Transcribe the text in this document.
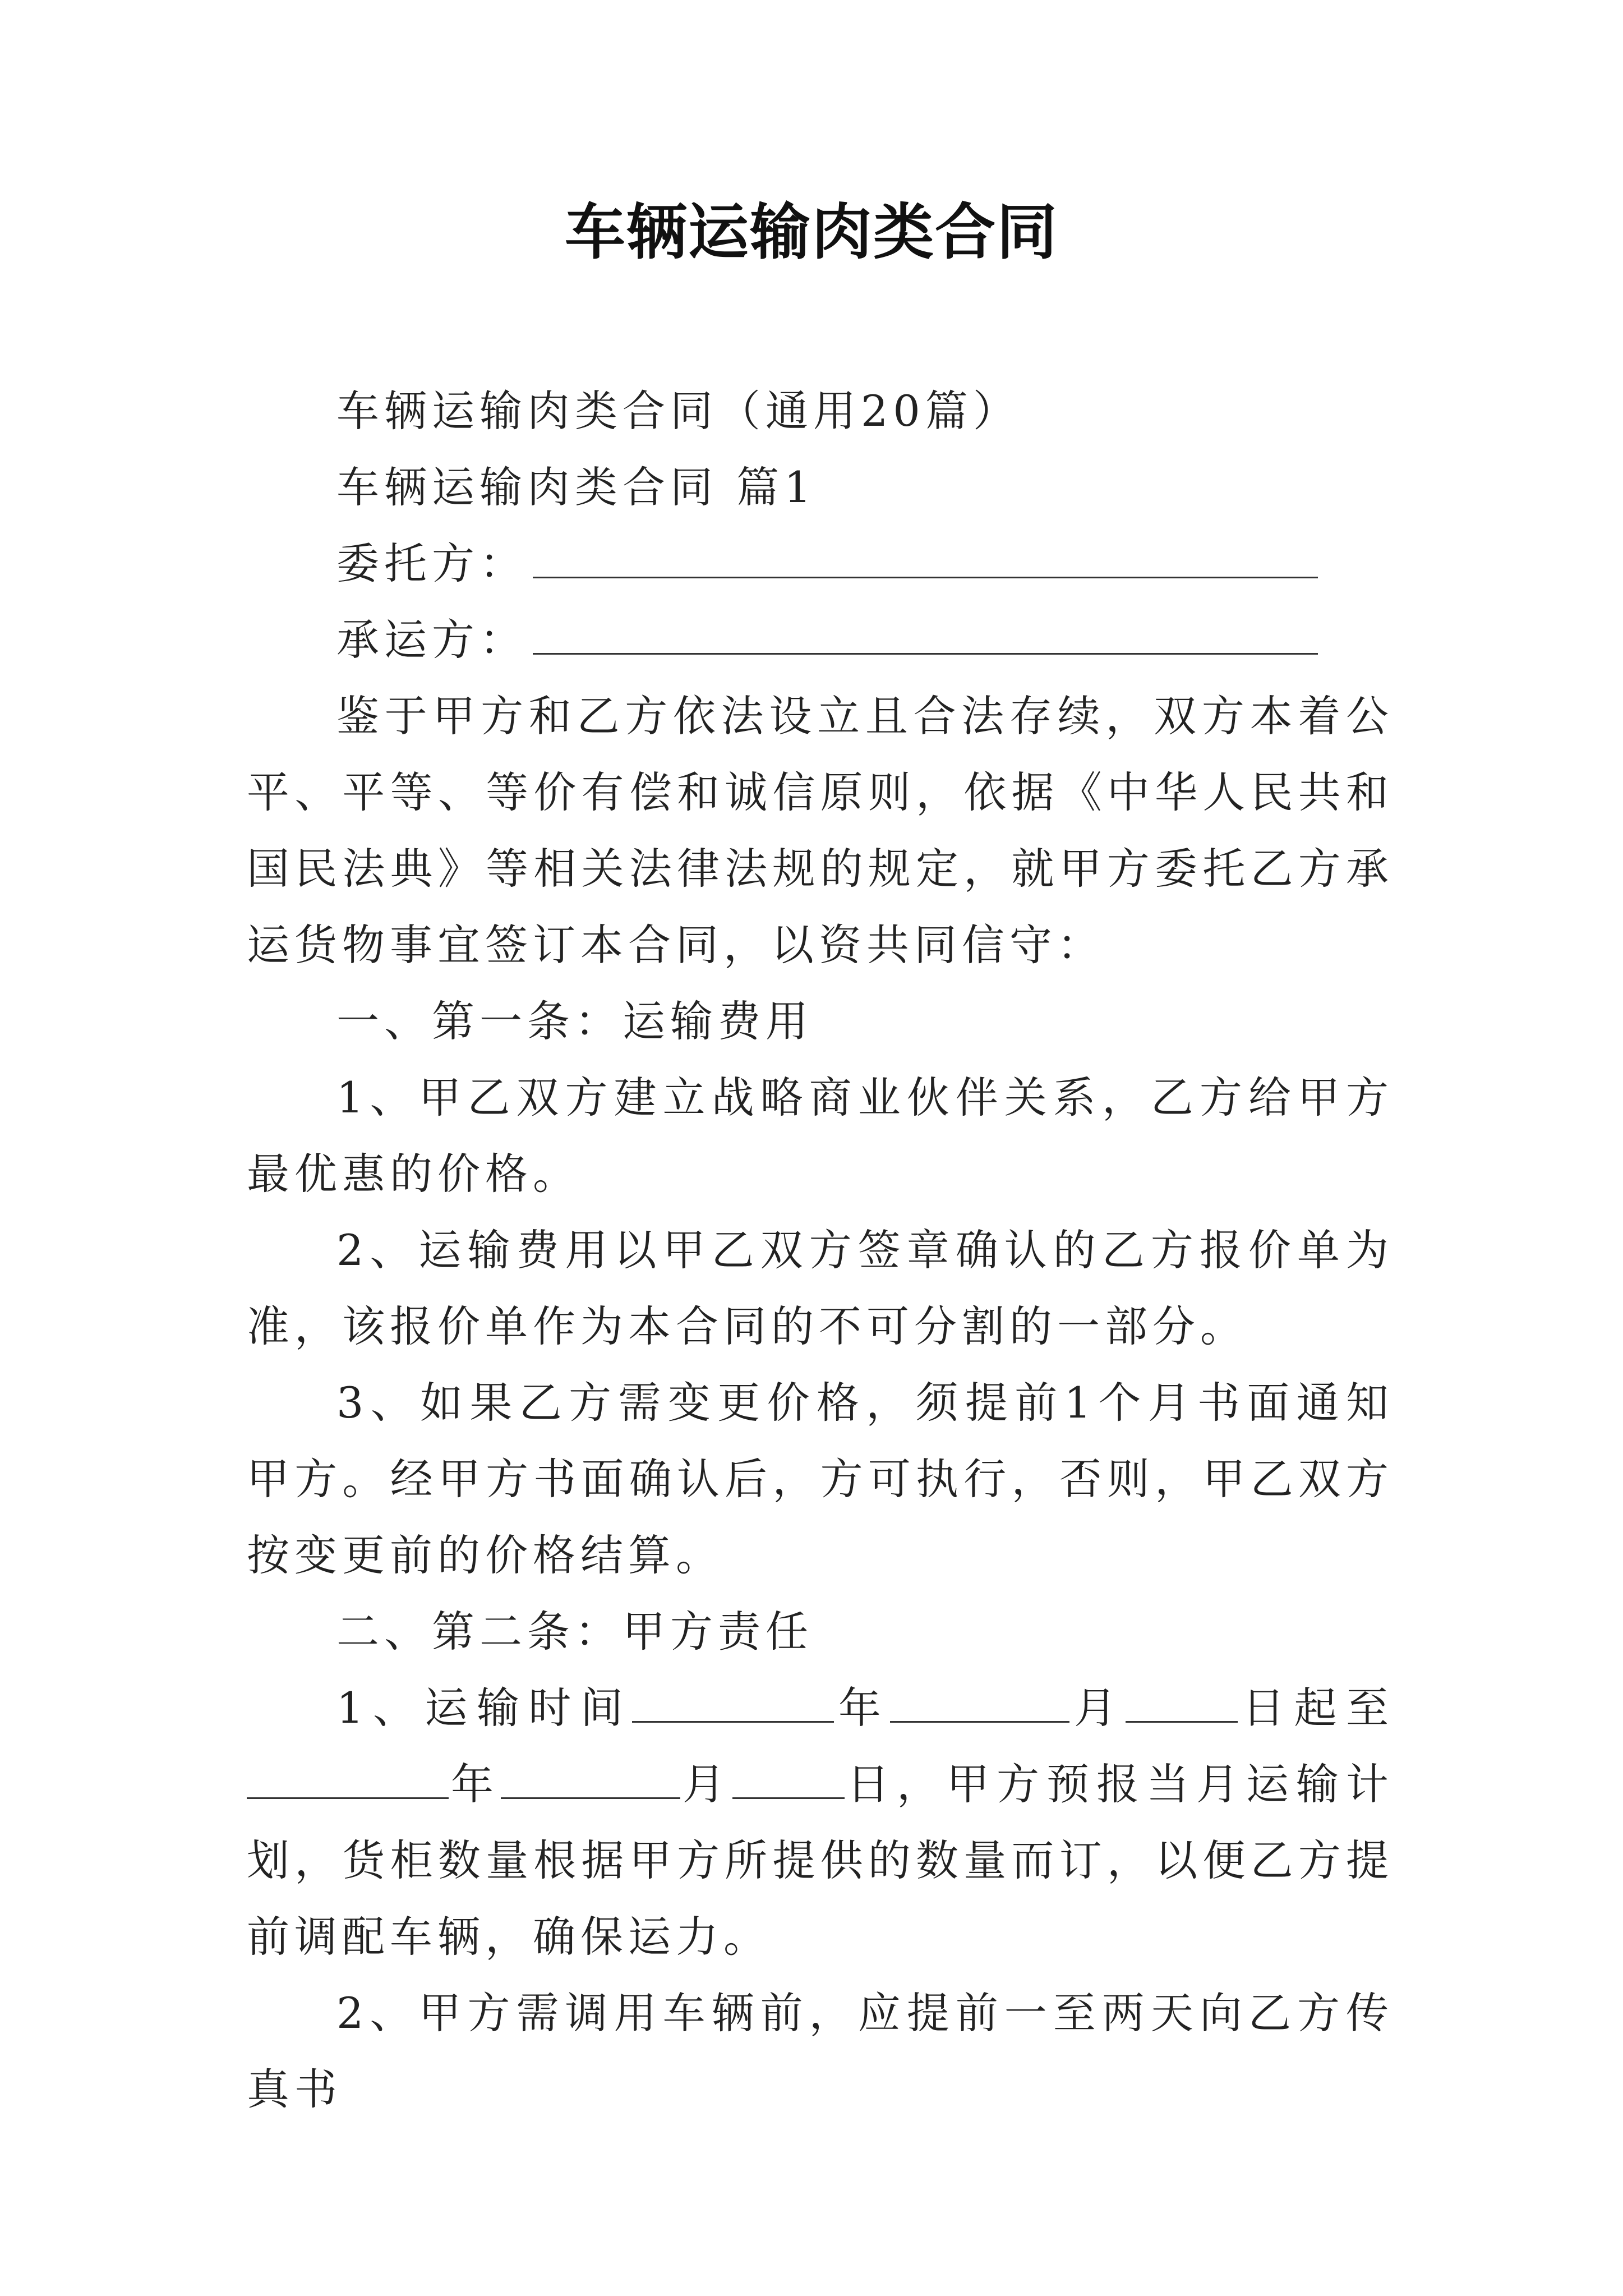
车辆运输肉类合同

车辆运输肉类合同（通用20篇）

车辆运输肉类合同 篇1

委托方：

承运方：

鉴于甲方和乙方依法设立且合法存续，双方本着公平、平等、等价有偿和诚信原则，依据《中华人民共和国民法典》等相关法律法规的规定，就甲方委托乙方承运货物事宜签订本合同，以资共同信守：

一、第一条：运输费用

1、甲乙双方建立战略商业伙伴关系，乙方给甲方最优惠的价格。

2、运输费用以甲乙双方签章确认的乙方报价单为准，该报价单作为本合同的不可分割的一部分。

3、如果乙方需变更价格，须提前1个月书面通知甲方。经甲方书面确认后，方可执行，否则，甲乙双方按变更前的价格结算。

二、第二条：甲方责任

1、运输时间	年	月	日起至年	月	日，甲方预报当月运输计划，货柜数量根据甲方所提供的数量而订，以便乙方提前调配车辆，确保运力。

2、甲方需调用车辆前，应提前一至两天向乙方传真书
